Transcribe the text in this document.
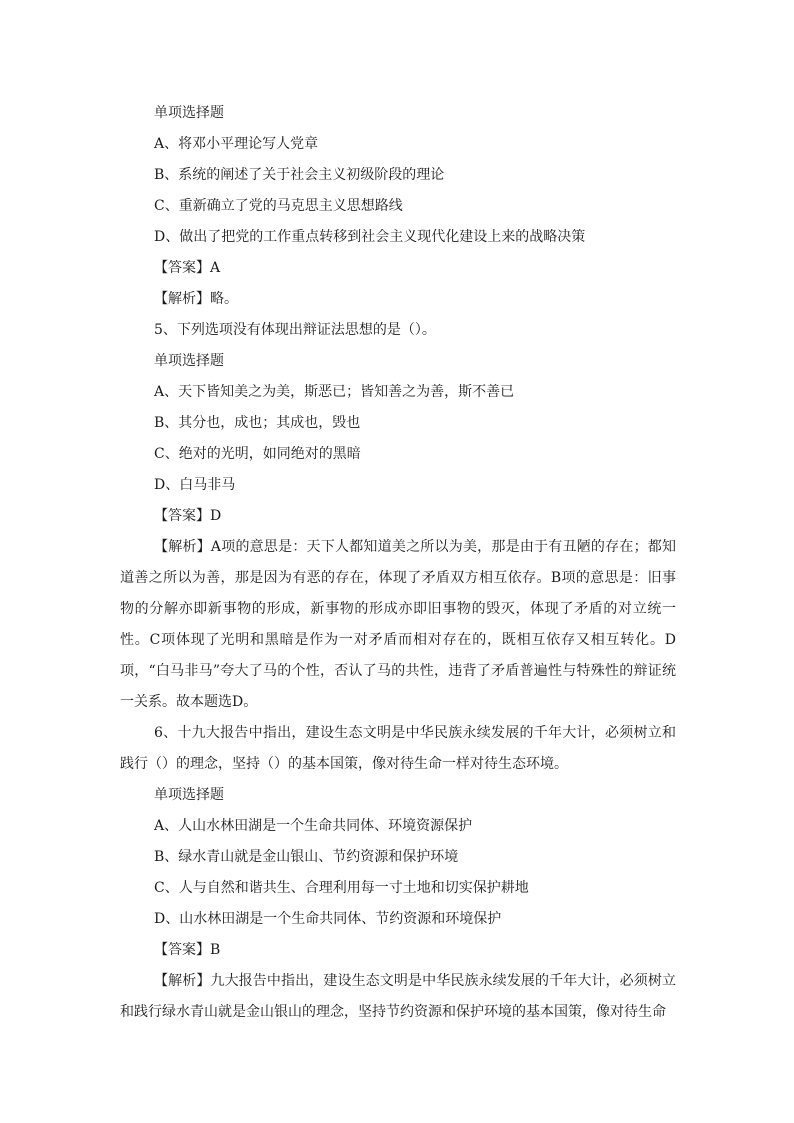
单项选择题

A、将邓小平理论写人党章

B、系统的阐述了关于社会主义初级阶段的理论

C、重新确立了党的马克思主义思想路线

D、做出了把党的工作重点转移到社会主义现代化建设上来的战略决策

【答案】A

【解析】略。

5、下列选项没有体现出辩证法思想的是（）。

单项选择题

A、天下皆知美之为美，斯恶已；皆知善之为善，斯不善已

B、其分也，成也；其成也，毁也

C、绝对的光明，如同绝对的黑暗

D、白马非马

【答案】D

【解析】A项的意思是：天下人都知道美之所以为美，那是由于有丑陋的存在；都知道善之所以为善，那是因为有恶的存在，体现了矛盾双方相互依存。B项的意思是：旧事物的分解亦即新事物的形成，新事物的形成亦即旧事物的毁灭，体现了矛盾的对立统一性。C项体现了光明和黑暗是作为一对矛盾而相对存在的，既相互依存又相互转化。D项，“白马非马”夸大了马的个性，否认了马的共性，违背了矛盾普遍性与特殊性的辩证统一关系。故本题选D。

6、十九大报告中指出，建设生态文明是中华民族永续发展的千年大计，必须树立和践行（）的理念，坚持（）的基本国策，像对待生命一样对待生态环境。

单项选择题

A、人山水林田湖是一个生命共同体、环境资源保护

B、绿水青山就是金山银山、节约资源和保护环境

C、人与自然和谐共生、合理利用每一寸土地和切实保护耕地

D、山水林田湖是一个生命共同体、节约资源和环境保护

【答案】B

【解析】九大报告中指出，建设生态文明是中华民族永续发展的千年大计，必须树立和践行绿水青山就是金山银山的理念，坚持节约资源和保护环境的基本国策，像对待生命
